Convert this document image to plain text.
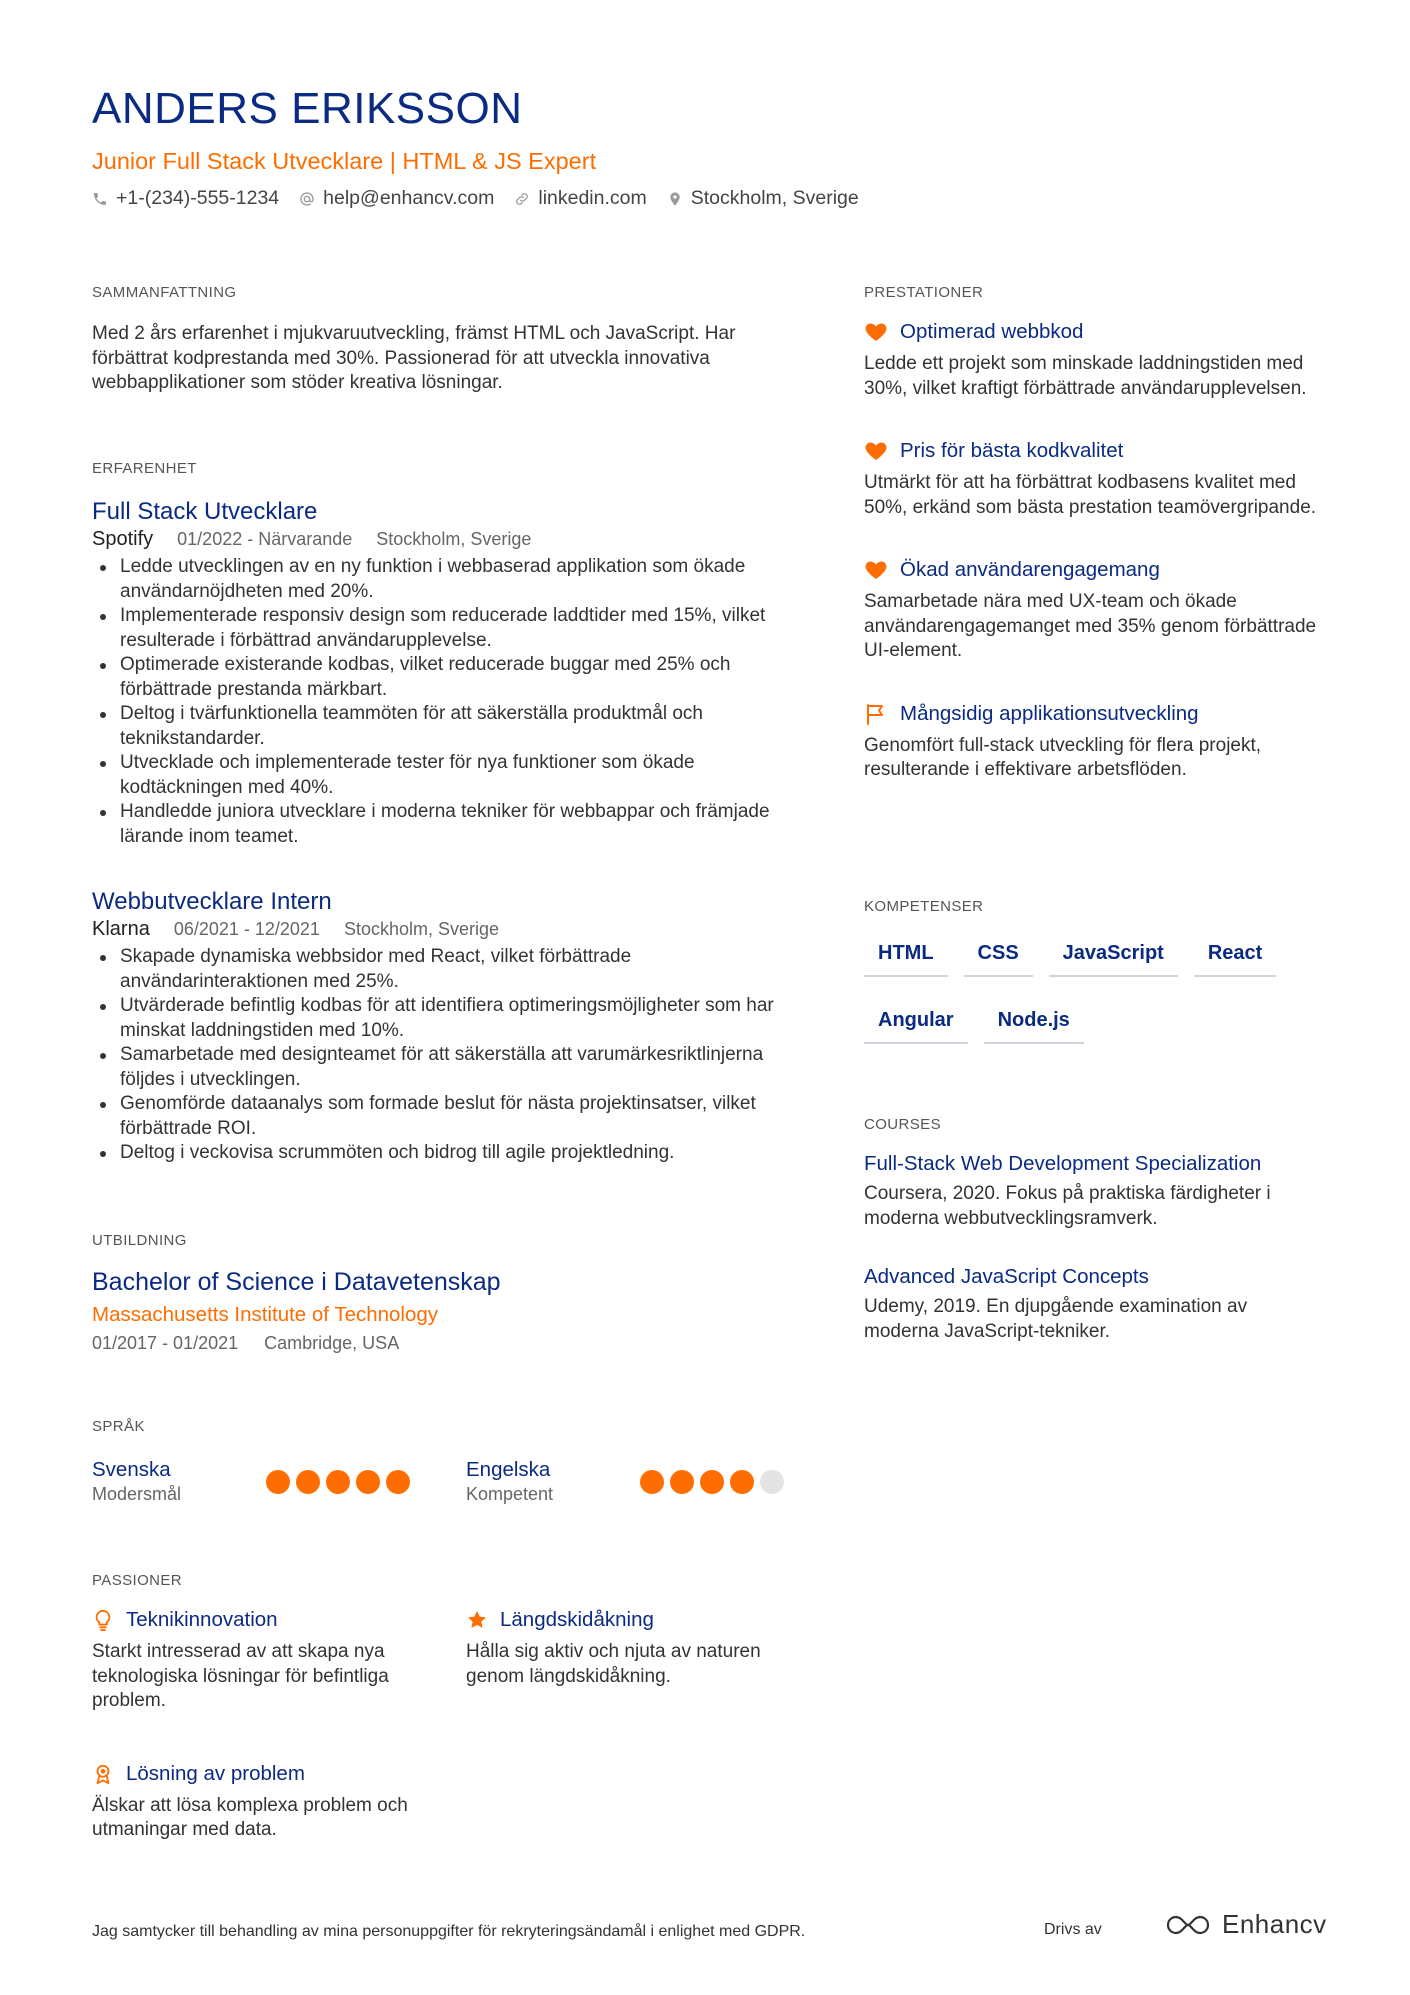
ANDERS ERIKSSON
Junior Full Stack Utvecklare | HTML & JS Expert
+1-(234)-555-1234 help@enhancv.com linkedin.com Stockholm, Sverige
SAMMANFATTNING
Med 2 års erfarenhet i mjukvaruutveckling, främst HTML och JavaScript. Har förbättrat kodprestanda med 30%. Passionerad för att utveckla innovativa webbapplikationer som stöder kreativa lösningar.
ERFARENHET
Full Stack Utvecklare
Spotify 01/2022 - Närvarande Stockholm, Sverige
Ledde utvecklingen av en ny funktion i webbaserad applikation som ökade användarnöjdheten med 20%.
Implementerade responsiv design som reducerade laddtider med 15%, vilket resulterade i förbättrad användarupplevelse.
Optimerade existerande kodbas, vilket reducerade buggar med 25% och förbättrade prestanda märkbart.
Deltog i tvärfunktionella teammöten för att säkerställa produktmål och teknikstandarder.
Utvecklade och implementerade tester för nya funktioner som ökade kodtäckningen med 40%.
Handledde juniora utvecklare i moderna tekniker för webbappar och främjade lärande inom teamet.
Webbutvecklare Intern
Klarna 06/2021 - 12/2021 Stockholm, Sverige
Skapade dynamiska webbsidor med React, vilket förbättrade användarinteraktionen med 25%.
Utvärderade befintlig kodbas för att identifiera optimeringsmöjligheter som har minskat laddningstiden med 10%.
Samarbetade med designteamet för att säkerställa att varumärkesriktlinjerna följdes i utvecklingen.
Genomförde dataanalys som formade beslut för nästa projektinsatser, vilket förbättrade ROI.
Deltog i veckovisa scrummöten och bidrog till agile projektledning.
UTBILDNING
Bachelor of Science i Datavetenskap
Massachusetts Institute of Technology
01/2017 - 01/2021 Cambridge, USA
SPRÅK
Svenska
Modersmål
Engelska
Kompetent
PASSIONER
Teknikinnovation
Starkt intresserad av att skapa nya teknologiska lösningar för befintliga problem.
Längdskidåkning
Hålla sig aktiv och njuta av naturen genom längdskidåkning.
Lösning av problem
Älskar att lösa komplexa problem och utmaningar med data.
PRESTATIONER
Optimerad webbkod
Ledde ett projekt som minskade laddningstiden med 30%, vilket kraftigt förbättrade användarupplevelsen.
Pris för bästa kodkvalitet
Utmärkt för att ha förbättrat kodbasens kvalitet med 50%, erkänd som bästa prestation teamövergripande.
Ökad användarengagemang
Samarbetade nära med UX-team och ökade användarengagemanget med 35% genom förbättrade UI-element.
Mångsidig applikationsutveckling
Genomfört full-stack utveckling för flera projekt, resulterande i effektivare arbetsflöden.
KOMPETENSER
HTML	CSS	JavaScript	React
Angular	Node.js
COURSES
Full-Stack Web Development Specialization
Coursera, 2020. Fokus på praktiska färdigheter i moderna webbutvecklingsramverk.
Advanced JavaScript Concepts
Udemy, 2019. En djupgående examination av moderna JavaScript-tekniker.
Jag samtycker till behandling av mina personuppgifter för rekryteringsändamål i enlighet med GDPR.	Drivs av	Enhancv
